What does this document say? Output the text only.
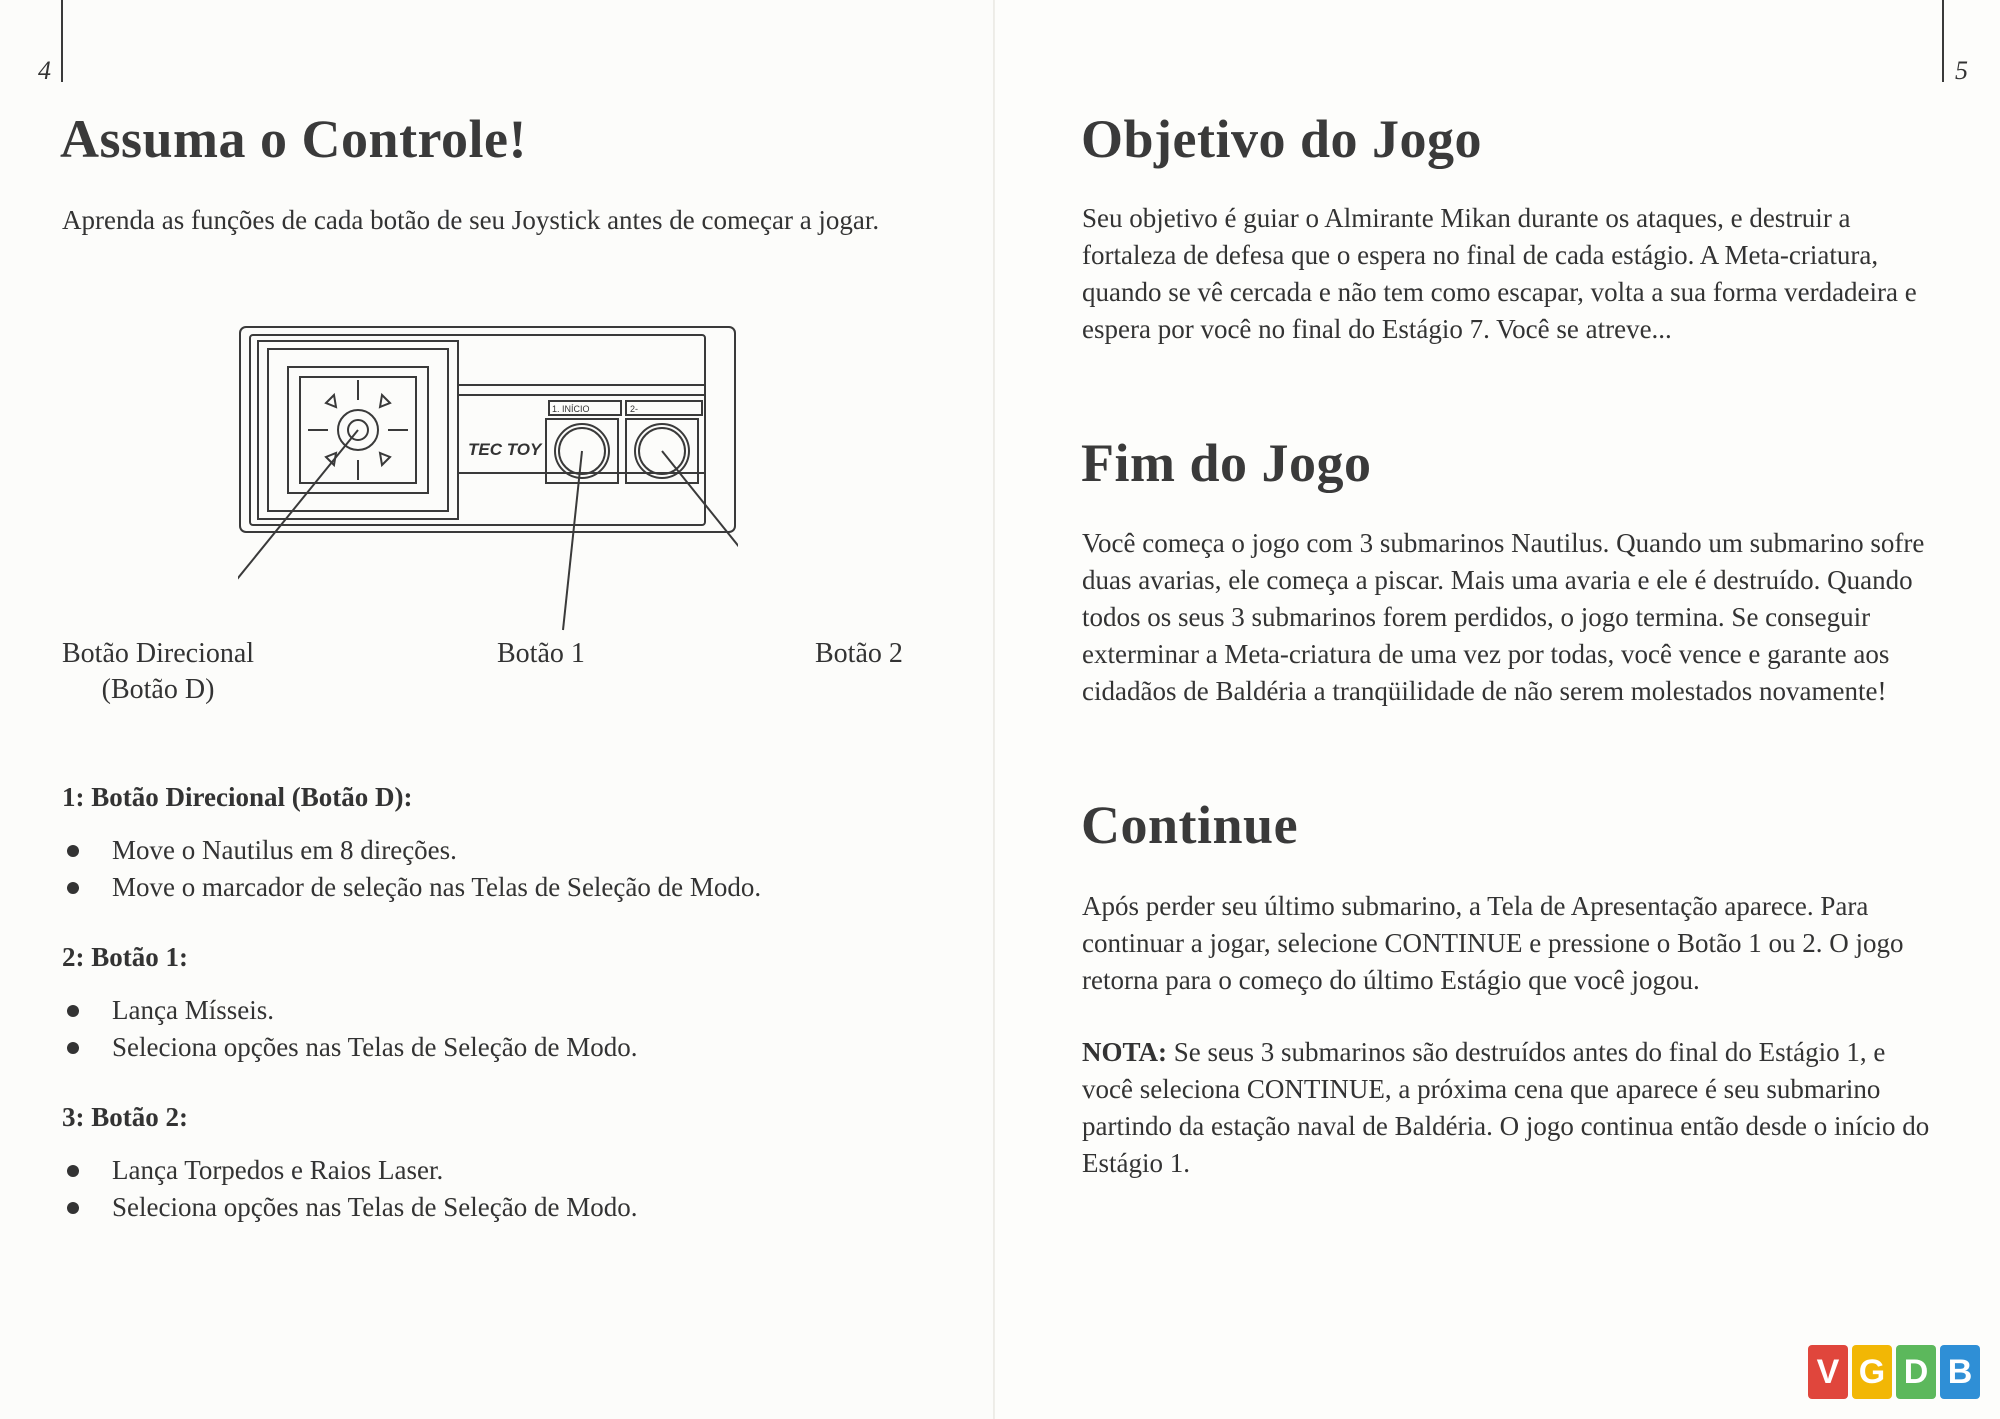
4
Assuma o Controle!

Aprenda as funções de cada botão de seu Joystick antes de começar a jogar.

1. INÍCIO	2-
TEC TOY
Botão Direcional
(Botão D)
Botão 1	Botão 2

1: Botão Direcional (Botão D):

Move o Nautilus em 8 direções.
Move o marcador de seleção nas Telas de Seleção de Modo.

2: Botão 1:

Lança Mísseis.
Seleciona opções nas Telas de Seleção de Modo.

3: Botão 2:

Lança Torpedos e Raios Laser.
Seleciona opções nas Telas de Seleção de Modo.
5
Objetivo do Jogo

Seu objetivo é guiar o Almirante Mikan durante os ataques, e destruir a fortaleza de defesa que o espera no final de cada estágio. A Meta-criatura, quando se vê cercada e não tem como escapar, volta a sua forma verdadeira e espera por você no final do Estágio 7. Você se atreve...

Fim do Jogo

Você começa o jogo com 3 submarinos Nautilus. Quando um submarino sofre duas avarias, ele começa a piscar. Mais uma avaria e ele é destruído. Quando todos os seus 3 submarinos forem perdidos, o jogo termina. Se conseguir exterminar a Meta-criatura de uma vez por todas, você vence e garante aos cidadãos de Baldéria a tranqüilidade de não serem molestados novamente!

Continue

Após perder seu último submarino, a Tela de Apresentação aparece. Para continuar a jogar, selecione CONTINUE e pressione o Botão 1 ou 2. O jogo retorna para o começo do último Estágio que você jogou.

NOTA: Se seus 3 submarinos são destruídos antes do final do Estágio 1, e você seleciona CONTINUE, a próxima cena que aparece é seu submarino partindo da estação naval de Baldéria. O jogo continua então desde o início do Estágio 1.

V G D B
